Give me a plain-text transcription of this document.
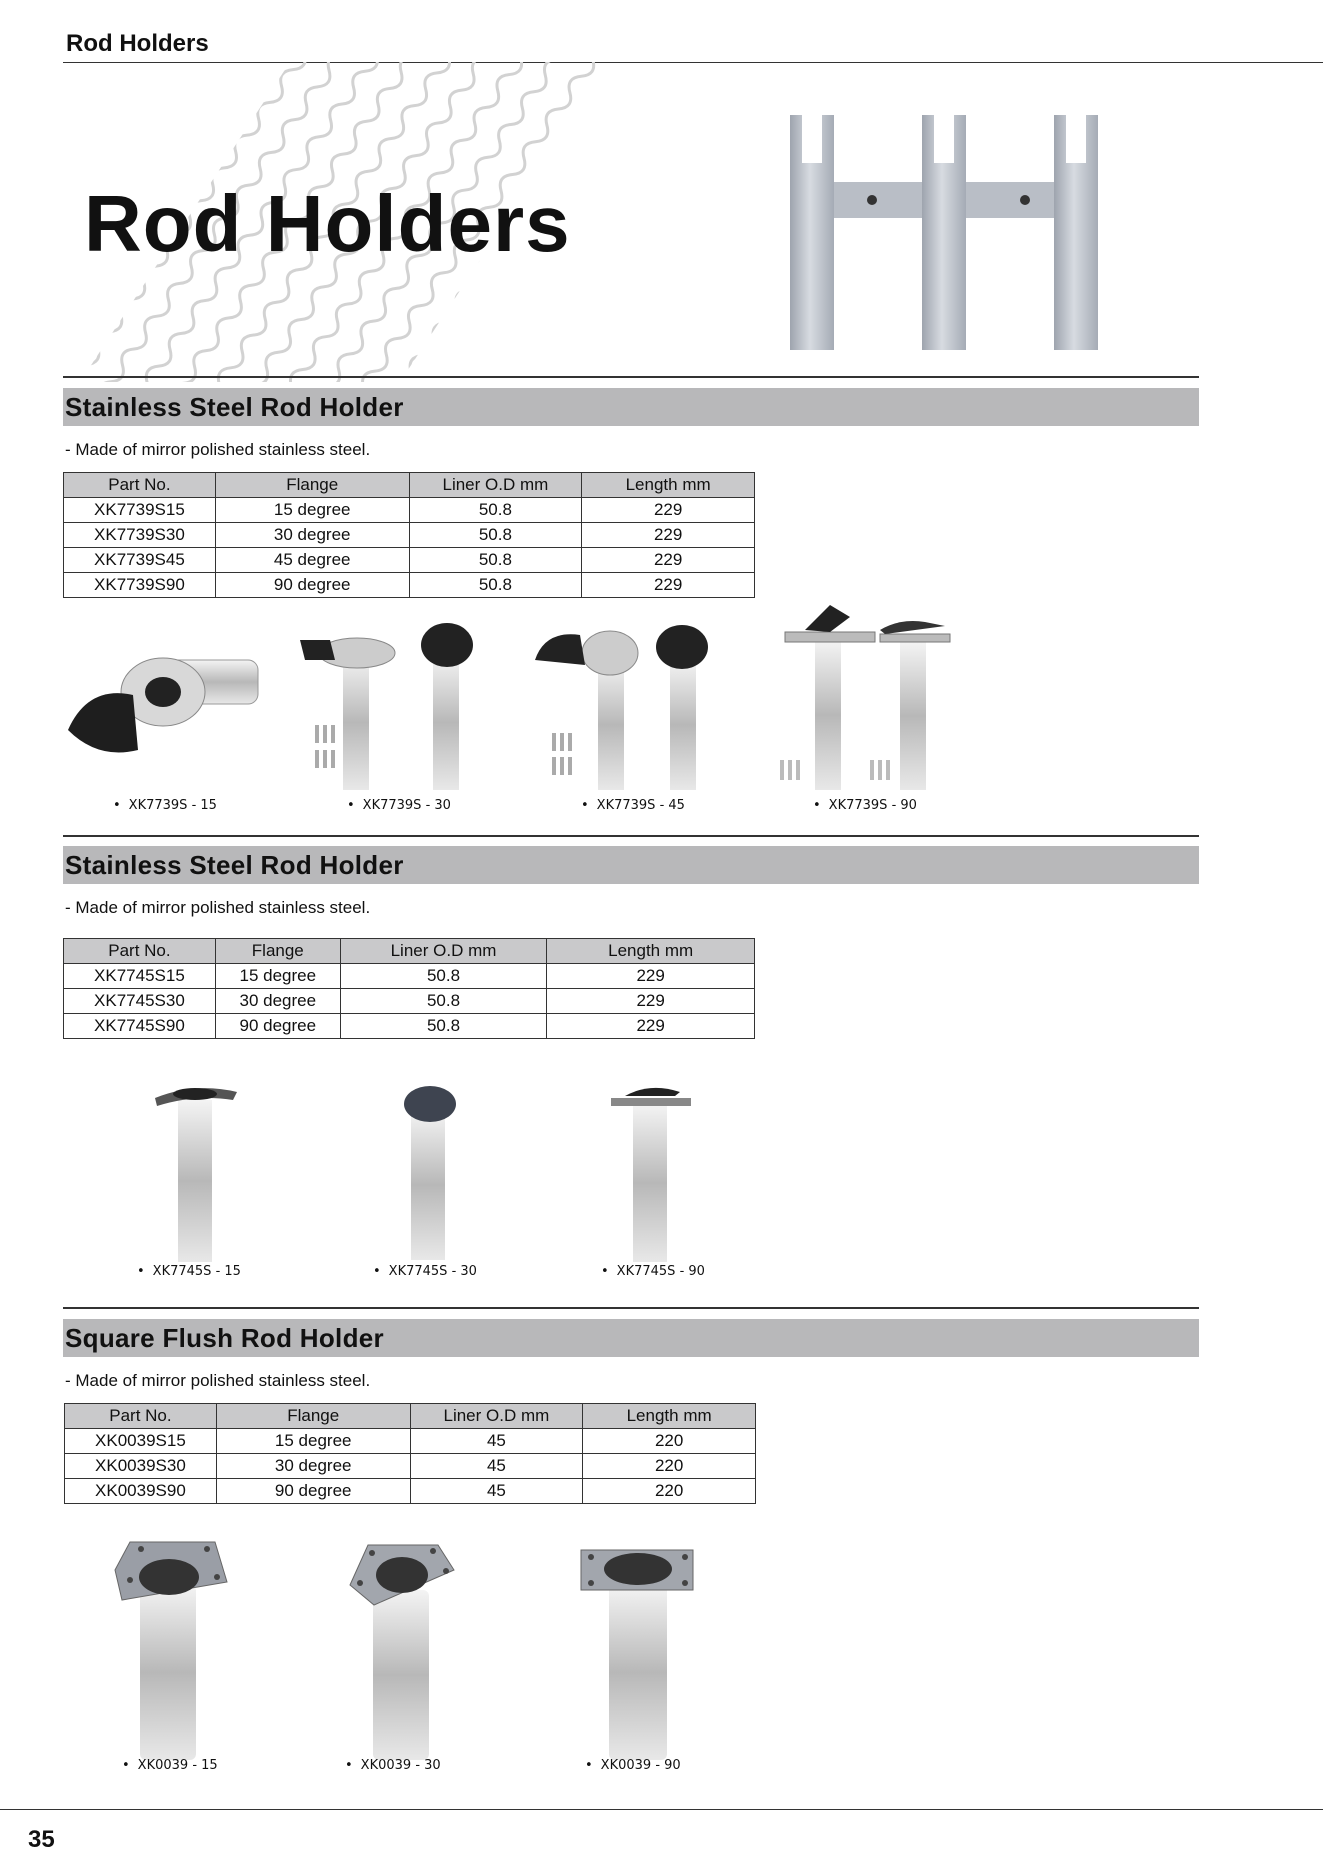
Rod Holders
Rod Holders
Stainless Steel Rod Holder
- Made of mirror polished stainless steel.
Part No.	Flange	Liner O.D mm	Length mm
XK7739S15	15 degree	50.8	229
XK7739S30	30 degree	50.8	229
XK7739S45	45 degree	50.8	229
XK7739S90	90 degree	50.8	229
• XK7739S - 15	• XK7739S - 30	• XK7739S - 45	• XK7739S - 90
Stainless Steel Rod Holder
- Made of mirror polished stainless steel.
Part No.	Flange	Liner O.D mm	Length mm
XK7745S15	15 degree	50.8	229
XK7745S30	30 degree	50.8	229
XK7745S90	90 degree	50.8	229
• XK7745S - 15	• XK7745S - 30	• XK7745S - 90
Square Flush Rod Holder
- Made of mirror polished stainless steel.
Part No.	Flange	Liner O.D mm	Length mm
XK0039S15	15 degree	45	220
XK0039S30	30 degree	45	220
XK0039S90	90 degree	45	220
• XK0039 - 15	• XK0039 - 30	• XK0039 - 90
35
